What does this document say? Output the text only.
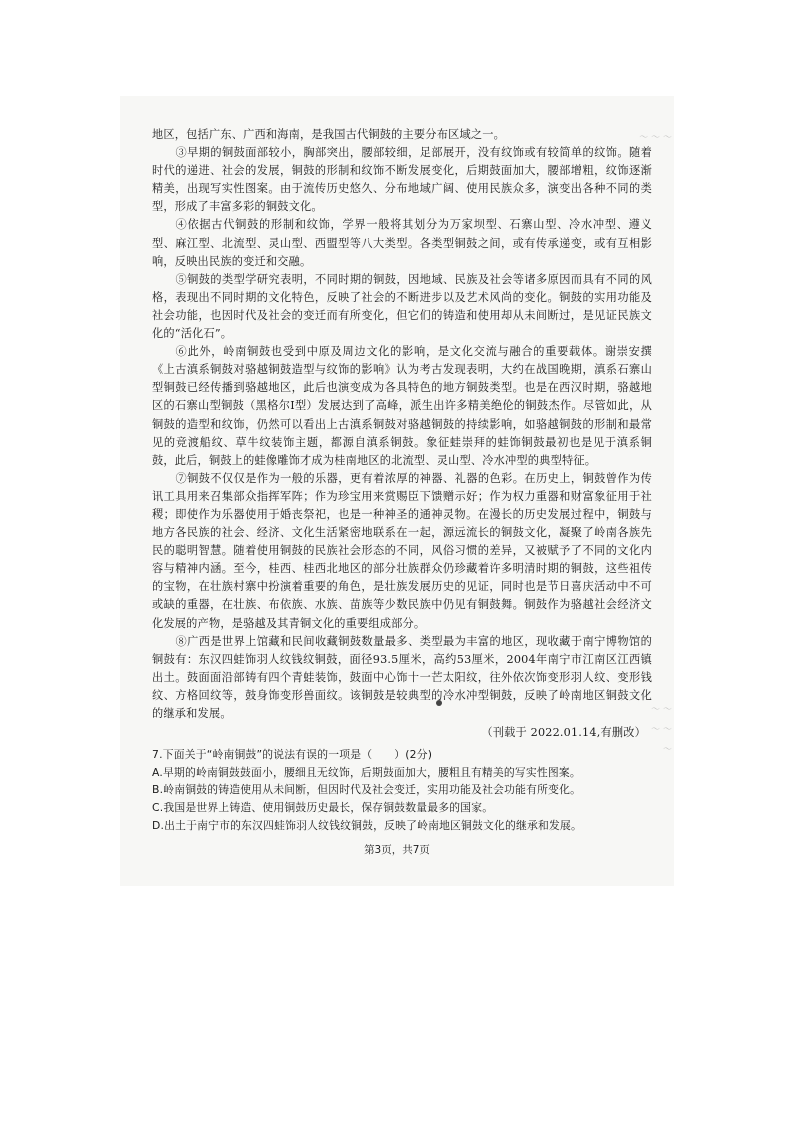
～ ～ ～
～ ～
～ ～
～

地区，包括广东、广西和海南，是我国古代铜鼓的主要分布区域之一。

③早期的铜鼓面部较小，胸部突出，腰部较细，足部展开，没有纹饰或有较简单的纹饰。随着时代的递进、社会的发展，铜鼓的形制和纹饰不断发展变化，后期鼓面加大，腰部增粗，纹饰逐渐精美，出现写实性图案。由于流传历史悠久、分布地域广阔、使用民族众多，演变出各种不同的类型，形成了丰富多彩的铜鼓文化。

④依据古代铜鼓的形制和纹饰，学界一般将其划分为万家坝型、石寨山型、冷水冲型、遵义型、麻江型、北流型、灵山型、西盟型等八大类型。各类型铜鼓之间，或有传承递变，或有互相影响，反映出民族的变迁和交融。

⑤铜鼓的类型学研究表明，不同时期的铜鼓，因地域、民族及社会等诸多原因而具有不同的风格，表现出不同时期的文化特色，反映了社会的不断进步以及艺术风尚的变化。铜鼓的实用功能及社会功能，也因时代及社会的变迁而有所变化，但它们的铸造和使用却从未间断过，是见证民族文化的“活化石”。

⑥此外，岭南铜鼓也受到中原及周边文化的影响，是文化交流与融合的重要载体。谢崇安撰《上古滇系铜鼓对骆越铜鼓造型与纹饰的影响》认为考古发现表明，大约在战国晚期，滇系石寨山型铜鼓已经传播到骆越地区，此后也演变成为各具特色的地方铜鼓类型。也是在西汉时期，骆越地区的石寨山型铜鼓（黑格尔Ⅰ型）发展达到了高峰，派生出许多精美绝伦的铜鼓杰作。尽管如此，从铜鼓的造型和纹饰，仍然可以看出上古滇系铜鼓对骆越铜鼓的持续影响，如骆越铜鼓的形制和最常见的竞渡船纹、草牛纹装饰主题，都源自滇系铜鼓。象征蛙崇拜的蛙饰铜鼓最初也是见于滇系铜鼓，此后，铜鼓上的蛙像雕饰才成为桂南地区的北流型、灵山型、冷水冲型的典型特征。

⑦铜鼓不仅仅是作为一般的乐器，更有着浓厚的神器、礼器的色彩。在历史上，铜鼓曾作为传讯工具用来召集部众指挥军阵；作为珍宝用来赏赐臣下馈赠示好；作为权力重器和财富象征用于社稷；即使作为乐器使用于婚丧祭祀，也是一种神圣的通神灵物。在漫长的历史发展过程中，铜鼓与地方各民族的社会、经济、文化生活紧密地联系在一起，源远流长的铜鼓文化，凝聚了岭南各族先民的聪明智慧。随着使用铜鼓的民族社会形态的不同，风俗习惯的差异，又被赋予了不同的文化内容与精神内涵。至今，桂西、桂西北地区的部分壮族群众仍珍藏着许多明清时期的铜鼓，这些祖传的宝物，在壮族村寨中扮演着重要的角色，是壮族发展历史的见证，同时也是节日喜庆活动中不可或缺的重器，在壮族、布依族、水族、苗族等少数民族中仍见有铜鼓舞。铜鼓作为骆越社会经济文化发展的产物，是骆越及其青铜文化的重要组成部分。

⑧广西是世界上馆藏和民间收藏铜鼓数量最多、类型最为丰富的地区，现收藏于南宁博物馆的铜鼓有：东汉四蛙饰羽人纹钱纹铜鼓，面径93.5厘米，高约53厘米，2004年南宁市江南区江西镇出土。鼓面面沿部铸有四个青蛙装饰，鼓面中心饰十一芒太阳纹，往外依次饰变形羽人纹、变形钱纹、方格回纹等，鼓身饰变形兽面纹。该铜鼓是较典型的冷水冲型铜鼓，反映了岭南地区铜鼓文化的继承和发展。

（刊载于 2022.01.14,有删改）
7.下面关于“岭南铜鼓”的说法有误的一项是（　　）(2分)
A.早期的岭南铜鼓鼓面小，腰细且无纹饰，后期鼓面加大，腰粗且有精美的写实性图案。
B.岭南铜鼓的铸造使用从未间断，但因时代及社会变迁，实用功能及社会功能有所变化。
C.我国是世界上铸造、使用铜鼓历史最长，保存铜鼓数量最多的国家。
D.出土于南宁市的东汉四蛙饰羽人纹钱纹铜鼓，反映了岭南地区铜鼓文化的继承和发展。
第3页，共7页
